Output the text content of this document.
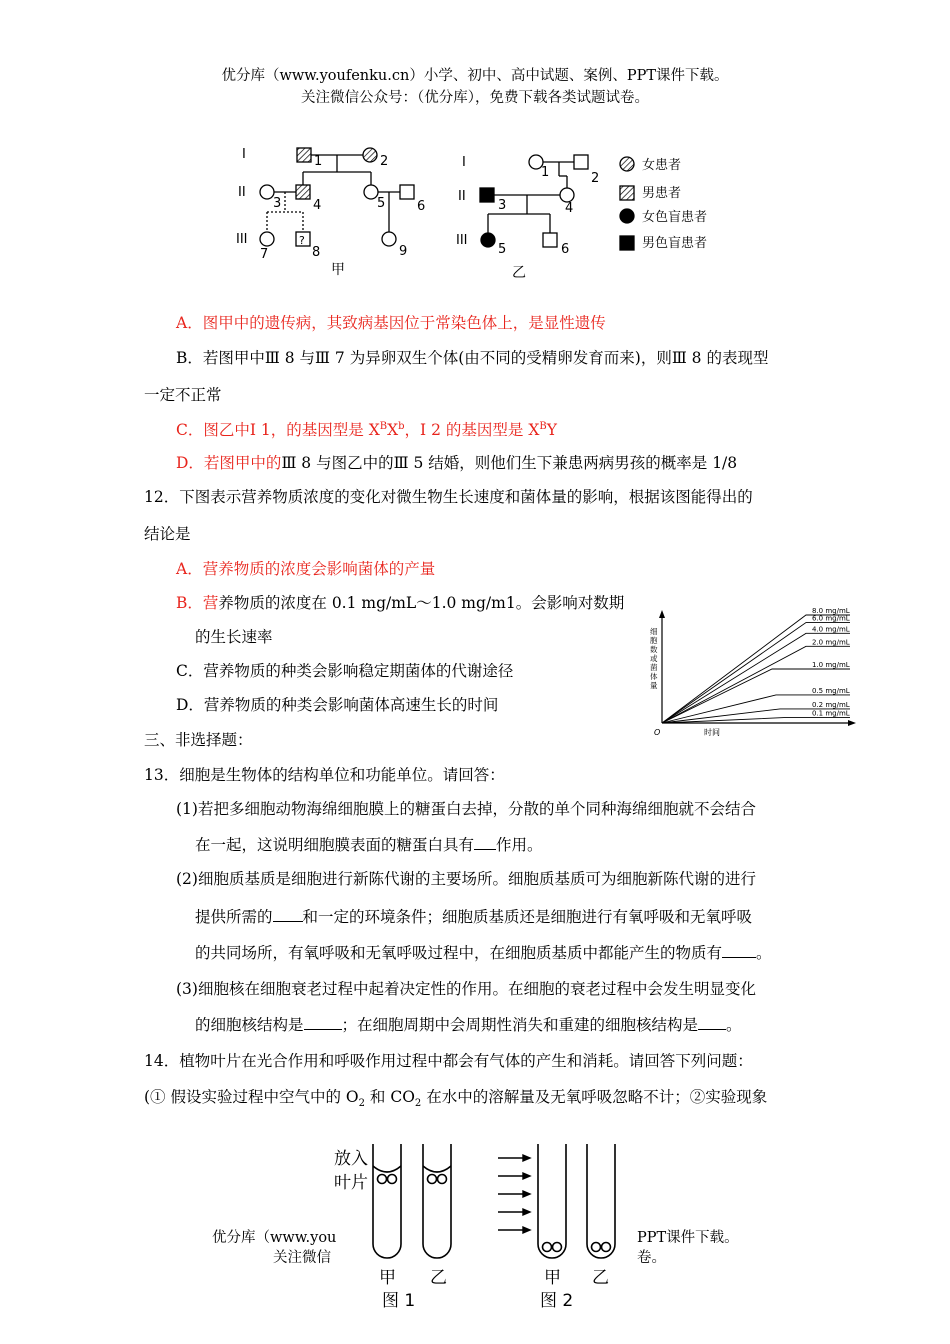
优分库（www.youfenku.cn）小学、初中、高中试题、案例、PPT课件下载。
关注微信公众号：（优分库），免费下载各类试题试卷。
I
II
III
1	2
3 4	5 6
7	8	9
?
甲
I
II
III
1	2
3	4
5	6
乙
女患者
男患者
女色盲患者
男色盲患者
A．图甲中的遗传病，其致病基因位于常染色体上，是显性遗传
B．若图甲中Ⅲ 8 与Ⅲ 7 为异卵双生个体(由不同的受精卵发育而来)，则Ⅲ 8 的表现型
一定不正常
C．图乙中Ⅰ 1，的基因型是 $X^BX^b$，Ⅰ 2 的基因型是 $X^BY$
D．若图甲中的Ⅲ 8 与图乙中的Ⅲ 5 结婚，则他们生下兼患两病男孩的概率是 1/8
12．下图表示营养物质浓度的变化对微生物生长速度和菌体量的影响，根据该图能得出的
结论是
A．营养物质的浓度会影响菌体的产量
B．营养物质的浓度在 0.1 mg/mL～1.0 mg/m1。会影响对数期
的生长速率
C．营养物质的种类会影响稳定期菌体的代谢途径
D．营养物质的种类会影响菌体高速生长的时间
细胞数或菌体量
O	时间
8.0 mg/mL
6.0 mg/mL
4.0 mg/mL
2.0 mg/mL
1.0 mg/mL
0.5 mg/mL
0.2 mg/mL
0.1 mg/mL
三、非选择题：
13．细胞是生物体的结构单位和功能单位。请回答：
(1)若把多细胞动物海绵细胞膜上的糖蛋白去掉，分散的单个同种海绵细胞就不会结合
在一起，这说明细胞膜表面的糖蛋白具有 作用。
(2)细胞质基质是细胞进行新陈代谢的主要场所。细胞质基质可为细胞新陈代谢的进行
提供所需的 和一定的环境条件；细胞质基质还是细胞进行有氧呼吸和无氧呼吸
的共同场所，有氧呼吸和无氧呼吸过程中，在细胞质基质中都能产生的物质有 。
(3)细胞核在细胞衰老过程中起着决定性的作用。在细胞的衰老过程中会发生明显变化
的细胞核结构是 ；在细胞周期中会周期性消失和重建的细胞核结构是 。
14．植物叶片在光合作用和呼吸作用过程中都会有气体的产生和消耗。请回答下列问题：
(① 假设实验过程中空气中的 $O_2$ 和 $CO_2$ 在水中的溶解量及无氧呼吸忽略不计；②实验现象
放入
叶片
甲 乙	甲 乙
图 1	图 2
优分库（www.you
关注微信
PPT课件下载。
卷。
